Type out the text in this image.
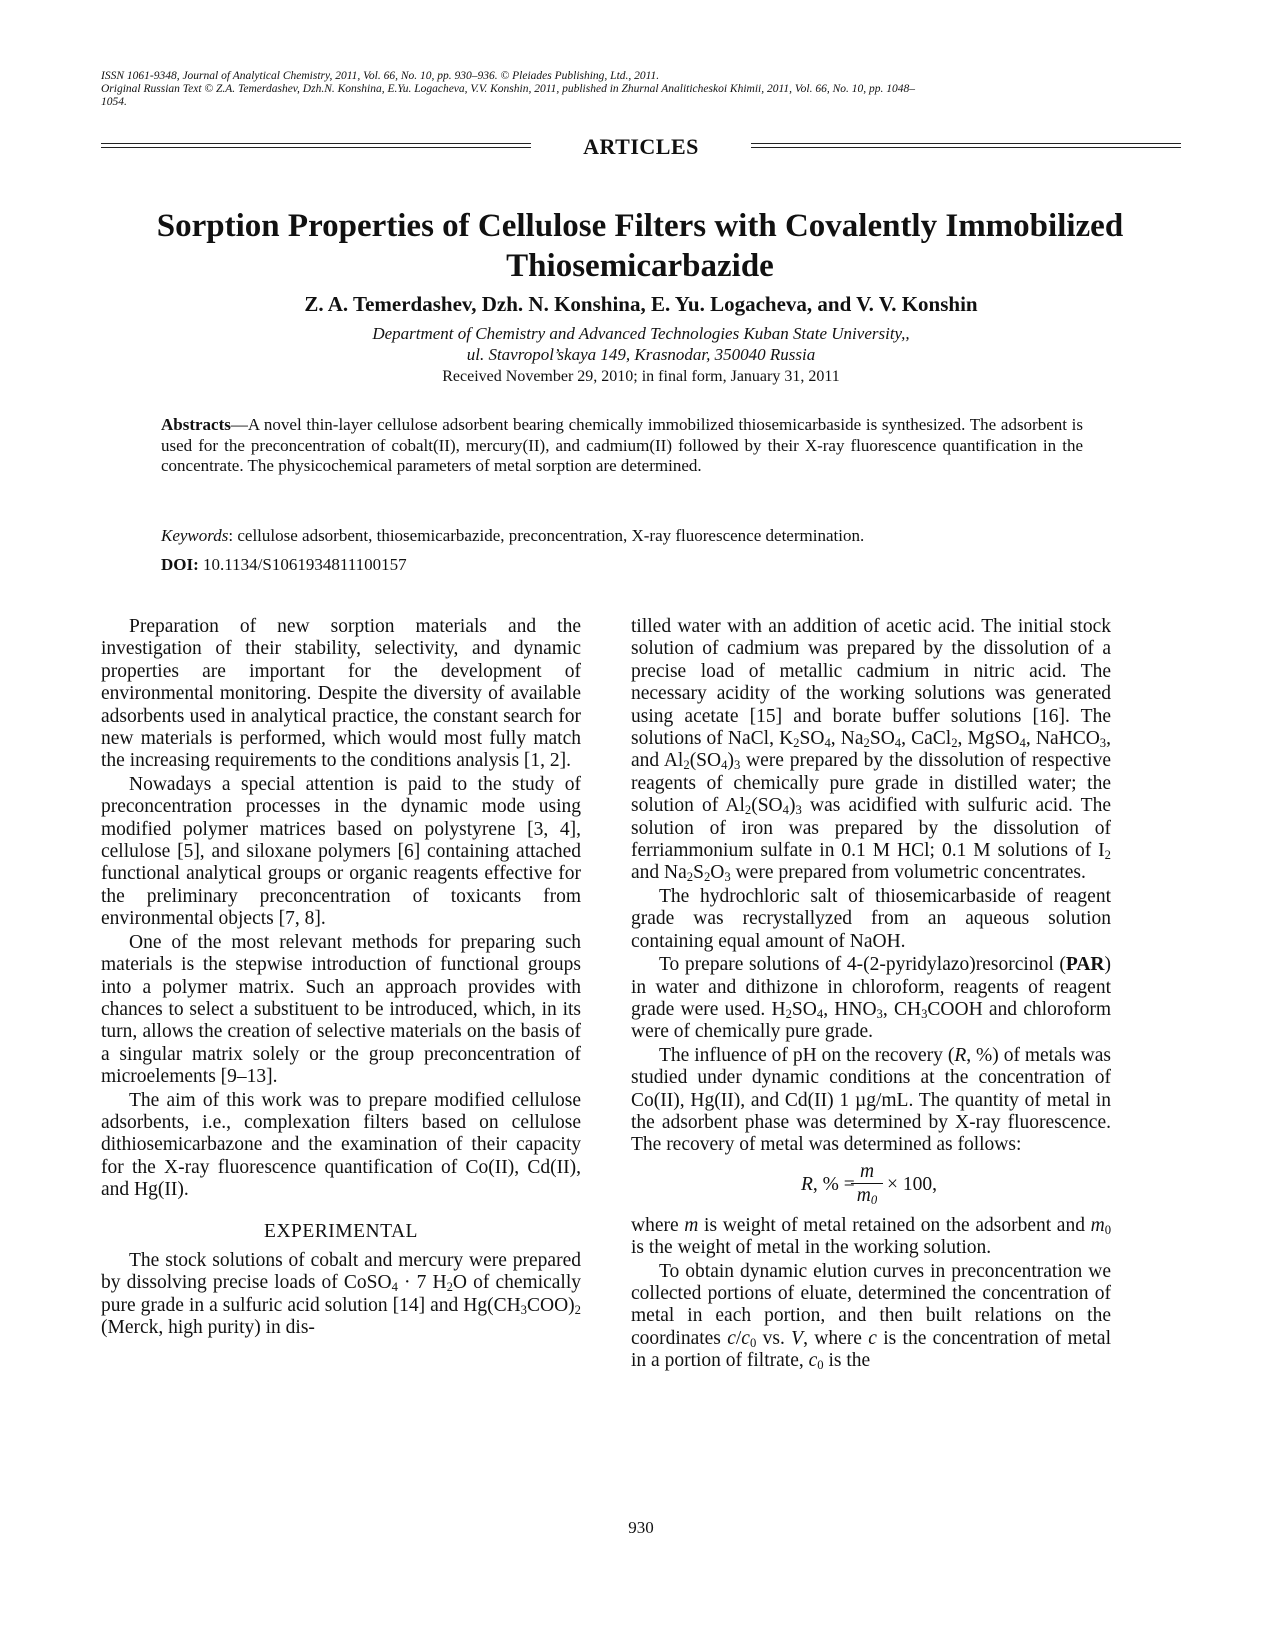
ISSN 1061-9348, Journal of Analytical Chemistry, 2011, Vol. 66, No. 10, pp. 930–936. © Pleiades Publishing, Ltd., 2011.
Original Russian Text © Z.A. Temerdashev, Dzh.N. Konshina, E.Yu. Logacheva, V.V. Konshin, 2011, published in Zhurnal Analiticheskoi Khimii, 2011, Vol. 66, No. 10, pp. 1048–
1054.
ARTICLES
Sorption Properties of Cellulose Filters with Covalently Immobilized Thiosemicarbazide
Z. A. Temerdashev, Dzh. N. Konshina, E. Yu. Logacheva, and V. V. Konshin
Department of Chemistry and Advanced Technologies Kuban State University,,
ul. Stavropol’skaya 149, Krasnodar, 350040 Russia
Received November 29, 2010; in final form, January 31, 2011
Abstracts—A novel thin-layer cellulose adsorbent bearing chemically immobilized thiosemicarbaside is synthesized. The adsorbent is used for the preconcentration of cobalt(II), mercury(II), and cadmium(II) followed by their X-ray fluorescence quantification in the concentrate. The physicochemical parameters of metal sorption are determined.
Keywords: cellulose adsorbent, thiosemicarbazide, preconcentration, X-ray fluorescence determination.
DOI: 10.1134/S1061934811100157

Preparation of new sorption materials and the investigation of their stability, selectivity, and dynamic properties are important for the development of environmental monitoring. Despite the diversity of available adsorbents used in analytical practice, the constant search for new materials is performed, which would most fully match the increasing requirements to the conditions analysis [1, 2].

Nowadays a special attention is paid to the study of preconcentration processes in the dynamic mode using modified polymer matrices based on polystyrene [3, 4], cellulose [5], and siloxane polymers [6] containing attached functional analytical groups or organic reagents effective for the preliminary preconcentration of toxicants from environmental objects [7, 8].

One of the most relevant methods for preparing such materials is the stepwise introduction of functional groups into a polymer matrix. Such an approach provides with chances to select a substituent to be introduced, which, in its turn, allows the creation of selective materials on the basis of a singular matrix solely or the group preconcentration of microelements [9–13].

The aim of this work was to prepare modified cellulose adsorbents, i.e., complexation filters based on cellulose dithiosemicarbazone and the examination of their capacity for the X-ray fluorescence quantification of Co(II), Cd(II), and Hg(II).

EXPERIMENTAL

The stock solutions of cobalt and mercury were prepared by dissolving precise loads of CoSO$_4$ · 7 $H_2O$ of chemically pure grade in a sulfuric acid solution [14] and $Hg(CH_3COO)_2$ (Merck, high purity) in dis-

tilled water with an addition of acetic acid. The initial stock solution of cadmium was prepared by the dissolution of a precise load of metallic cadmium in nitric acid. The necessary acidity of the working solutions was generated using acetate [15] and borate buffer solutions [16]. The solutions of NaCl, $K_2SO_4$, $Na_2SO_4$, CaCl$_2$, MgSO$_4$, NaHCO$_3$, and $Al_2(SO_4)_3$ were prepared by the dissolution of respective reagents of chemically pure grade in distilled water; the solution of $Al_2(SO_4)_3$ was acidified with sulfuric acid. The solution of iron was prepared by the dissolution of ferriammonium sulfate in 0.1 M HCl; 0.1 M solutions of $I_2$ and $Na_2S_2O_3$ were prepared from volumetric concentrates.

The hydrochloric salt of thiosemicarbaside of reagent grade was recrystallyzed from an aqueous solution containing equal amount of NaOH.

To prepare solutions of 4-(2-pyridylazo)resorcinol (PAR) in water and dithizone in chloroform, reagents of reagent grade were used. $H_2SO_4$, $HNO_3$, $CH_3COOH$ and chloroform were of chemically pure grade.

The influence of pH on the recovery (R, %) of metals was studied under dynamic conditions at the concentration of Co(II), Hg(II), and Cd(II) 1 µg/mL. The quantity of metal in the adsorbent phase was determined by X-ray fluorescence. The recovery of metal was determined as follows:

R, % =
$\frac{m}{m_0} \times 100$,

where m is weight of metal retained on the adsorbent and $m_0$ is the weight of metal in the working solution.

To obtain dynamic elution curves in preconcentration we collected portions of eluate, determined the concentration of metal in each portion, and then built relations on the coordinates $c/c_0$ vs. V, where c is the concentration of metal in a portion of filtrate, $c_0$ is the

930
